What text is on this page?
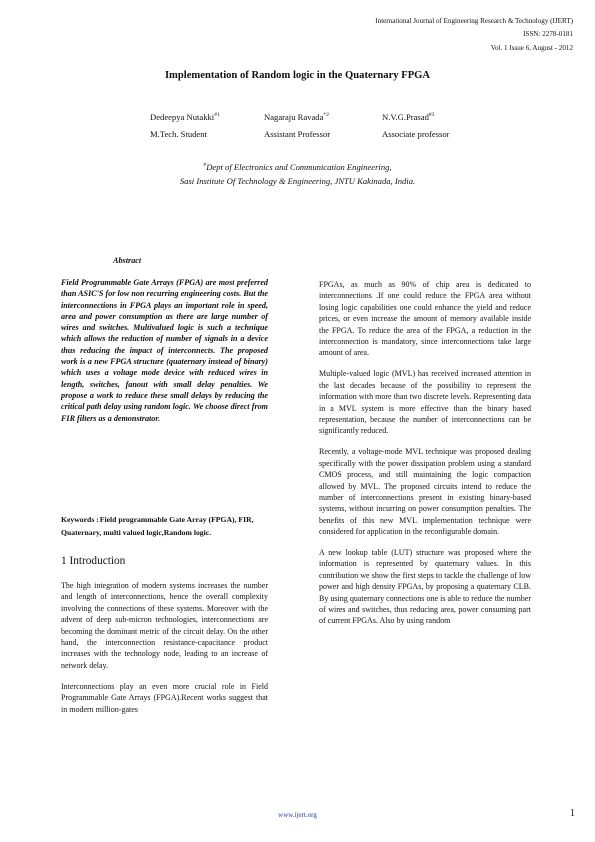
International Journal of Engineering Research & Technology (IJERT)
ISSN: 2278-0181
Vol. 1 Issue 6, August - 2012
Implementation of Random logic in the Quaternary FPGA
Dedeepya Nutakki$^{\#1}$	Nagaraju Ravada$^{*2}$	N.V.G.Prasad$^{\#3}$
M.Tech. Student	Assistant Professor	Associate professor
#Dept of Electronics and Communication Engineering,
Sasi Institute Of Technology & Engineering, JNTU Kakinada, India.
Abstract
Field Programmable Gate Arrays (FPGA) are most preferred than ASIC'S for low non recurring engineering costs. But the interconnections in FPGA plays an important role in speed, area and power consumption as there are large number of wires and switches. Multivalued logic is such a technique which allows the reduction of number of signals in a device thus reducing the impact of interconnects. The proposed work is a new FPGA structure (quaternary instead of binary) which uses a voltage mode device with reduced wires in length, switches, fanout with small delay penalties. We propose a work to reduce these small delays by reducing the critical path delay using random logic. We choose direct from FIR filters as a demonstrator.
Keywords :Field programmable Gate Array (FPGA), FIR, Quaternary, multi valued logic,Random logic.
1 Introduction

The high integration of modern systems increases the number and length of interconnections, hence the overall complexity involving the connections of these systems. Moreover with the advent of deep sub-micron technologies, interconnections are becoming the dominant metric of the circuit delay. On the other hand, the interconnection resistance-capacitance product increases with the technology node, leading to an increase of network delay.

Interconnections play an even more crucial role in Field Programmable Gate Arrays (FPGA).Recent works suggest that in modern million-gates

FPGAs, as much as 90% of chip area is dedicated to interconnections .If one could reduce the FPGA area without losing logic capabilities one could enhance the yield and reduce prices, or even increase the amount of memory available inside the FPGA. To reduce the area of the FPGA, a reduction in the interconnection is mandatory, since interconnections take large amount of area.

Multiple-valued logic (MVL) has received increased attention in the last decades because of the possibility to represent the information with more than two discrete levels. Representing data in a MVL system is more effective than the binary based representation, because the number of interconnections can be significantly reduced.

Recently, a voltage-mode MVL technique was proposed dealing specifically with the power dissipation problem using a standard CMOS process, and still maintaining the logic compaction allowed by MVL. The proposed circuits intend to reduce the number of interconnections present in existing binary-based systems, without incurring on power consumption penalties. The benefits of this new MVL implementation technique were considered for application in the reconfigurable domain.

A new lookup table (LUT) structure was proposed where the information is represented by quaternary values. In this contribution we show the first steps to tackle the challenge of low power and high density FPGAs, by proposing a quaternary CLB. By using quaternary connections one is able to reduce the number of wires and switches, thus reducing area, power consuming part of current FPGAs. Also by using random

www.ijert.org	1
